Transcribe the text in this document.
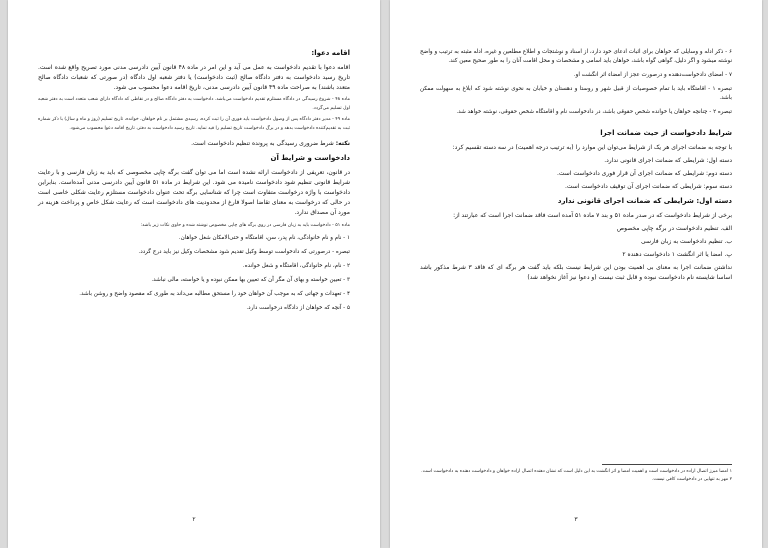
اقامه دعوا:
اقامه دعوا با تقدیم دادخواست به عمل می آید و این امر در ماده ۴۸ قانون آیین دادرسی مدنی مورد تصریح واقع شده است. تاریخ رسید دادخواست به دفتر دادگاه صالح (ثبت دادخواست) یا دفتر شعبه اول دادگاه (در صورتی که شعبات دادگاه صالح متعدد باشند) به صراحت ماده ۴۹ قانون آیین دادرسی مدنی، تاریخ اقامه دعوا محسوب می شود.
ماده ۴۸ - شروع رسیدگی در دادگاه مستلزم تقدیم دادخواست می‌باشد. دادخواست به دفتر دادگاه صالح و در نقاطی که دادگاه دارای شعب متعدد است به دفتر شعبه اول تسلیم می‌گردد.
ماده ۴۹ - مدیر دفتر دادگاه پس از وصول دادخواست باید فوری آن را ثبت کرده، رسیدی مشتمل بر نام خواهان، خوانده، تاریخ تسلیم (روز و ماه و سال) با ذکر شماره ثبت به تقدیم‌کننده دادخواست بدهد و در برگ دادخواست تاریخ تسلیم را قید نماید. تاریخ رسید دادخواست به دفتر، تاریخ اقامه دعوا محسوب می‌شود.
نکته: شرط ضروری رسیدگی به پرونده تنظیم دادخواست است.
دادخواست و شرایط آن
در قانون، تعریفی از دادخواست ارائه نشده است اما می توان گفت برگه چاپی مخصوصی که باید به زبان فارسی و با رعایت شرایط قانونی تنظیم شود دادخواست نامیده می شود. این شرایط در ماده ۵۱ قانون آیین دادرسی مدنی آمده‌است. بنابراین دادخواست با واژه درخواست متفاوت است چرا که شناسایی برگه تحت عنوان دادخواست مستلزم رعایت شکلی خاصی است در حالی که درخواست به معنای تقاضا اصولا فارغ از محدودیت های دادخواست است که رعایت شکل خاص و پرداخت هزینه در مورد آن مصداق ندارد.
ماده ۵۱ - دادخواست باید به زبان فارسی در روی برگه های چاپی مخصوص نوشته شده و حاوی نکات زیر باشد:
۱ - نام و نام خانوادگی، نام پدر، سن، اقامتگاه و حتی‌الامکان شغل خواهان.
تبصره - درصورتی که دادخواست توسط وکیل تقدیم شود مشخصات وکیل نیز باید درج گردد.
۲ - نام، نام خانوادگی، اقامتگاه و شغل خوانده.
۳ - تعیین خواسته و بهای آن مگر آن که تعیین بها ممکن نبوده و یا خواسته، مالی نباشد.
۴ - تعهدات و جهاتی که به موجب آن خواهان خود را مستحق مطالبه می‌داند به طوری که مقصود واضح و روشن باشد.
۵ - آنچه که خواهان از دادگاه درخواست دارد.
۲
۶ - ذکر ادله و وسایلی که خواهان برای اثبات ادعای خود دارد، از اسناد و نوشتجات و اطلاع مطلعین و غیره، ادله مثبته به ترتیب و واضح نوشته میشود و اگر دلیل، گواهی گواه باشد، خواهان باید اسامی و مشخصات و محل اقامت آنان را به طور صحیح معین کند.
۷ - امضای دادخواست‌دهنده و درصورت عجز از امضاء اثر انگشت او.
تبصره ۱ - اقامتگاه باید با تمام خصوصیات از قبیل شهر و روستا و دهستان و خیابان به نحوی نوشته شود که ابلاغ به سهولت ممکن باشد.
تبصره ۲ - چنانچه خواهان یا خوانده شخص حقوقی باشد، در دادخواست نام و اقامتگاه شخص حقوقی، نوشته خواهد شد.
شرایط دادخواست از حیث ضمانت اجرا
با توجه به ضمانت اجرای هر یک از شرایط می‌توان این موارد را (به ترتیب درجه اهمیت) در سه دسته تقسیم کرد:
دسته اول: شرایطی که ضمانت اجرای قانونی ندارد.
دسته دوم: شرایطی که ضمانت اجرای آن قرار فوری دادخواست است.
دسته سوم: شرایطی که ضمانت اجرای آن توقیف دادخواست است.
دسته اول: شرایطی که ضمانت اجرای قانونی ندارد
برخی از شرایط دادخواست که در صدر ماده ۵۱ و بند ۷ ماده ۵۱ آمده است فاقد ضمانت اجرا است که عبارتند از:
الف. تنظیم دادخواست در برگه چاپی مخصوص
ب. تنظیم دادخواست به زبان فارسی
پ. امضا یا اثر انگشت ۱ دادخواست دهنده ۲
نداشتن ضمانت اجرا به معنای بی اهمیت بودن این شرایط نیست بلکه باید گفت هر برگه ای که فاقد ۳ شرط مذکور باشد اساسا شایسته نام دادخواست نبوده و قابل ثبت نیست (و دعوا نیز آغاز نخواهد شد)
۱ امضا مبرز اتصال اراده در دادخواست است و اهمیت امضا و اثر انگشت به این دلیل است که نشان دهنده اتصال اراده خواهان و دادخواست دهنده به دادخواست است.
۲ مهر به تنهایی در دادخواست کافی نیست.
۳
